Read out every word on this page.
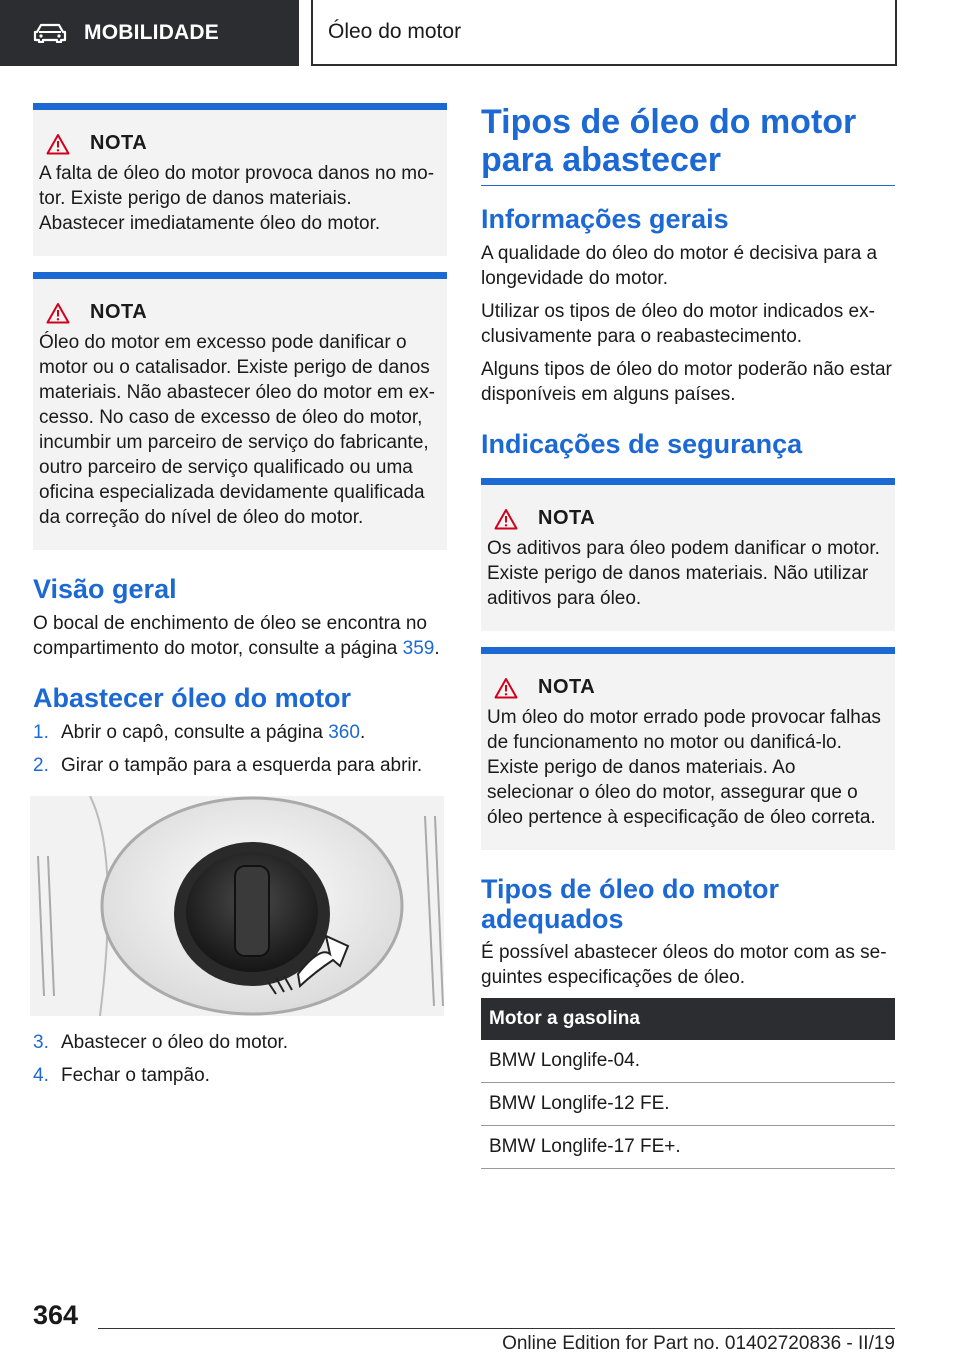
MOBILIDADE	Óleo do motor
NOTA
A falta de óleo do motor provoca danos no mo-tor. Existe perigo de danos materiais. Abastecer imediatamente óleo do motor.
NOTA
Óleo do motor em excesso pode danificar o motor ou o catalisador. Existe perigo de danos materiais. Não abastecer óleo do motor em ex-cesso. No caso de excesso de óleo do motor, incumbir um parceiro de serviço do fabricante, outro parceiro de serviço qualificado ou uma oficina especializada devidamente qualificada da correção do nível de óleo do motor.
Visão geral

O bocal de enchimento de óleo se encontra no compartimento do motor, consulte a página 359.

Abastecer óleo do motor
1. Abrir o capô, consulte a página 360.
2. Girar o tampão para a esquerda para abrir.
3. Abastecer o óleo do motor.
4. Fechar o tampão.
Tipos de óleo do motor para abastecer
Informações gerais

A qualidade do óleo do motor é decisiva para a longevidade do motor.

Utilizar os tipos de óleo do motor indicados ex-clusivamente para o reabastecimento.

Alguns tipos de óleo do motor poderão não estar disponíveis em alguns países.

Indicações de segurança
NOTA
Os aditivos para óleo podem danificar o motor. Existe perigo de danos materiais. Não utilizar aditivos para óleo.
NOTA
Um óleo do motor errado pode provocar falhas de funcionamento no motor ou danificá-lo. Existe perigo de danos materiais. Ao selecionar o óleo do motor, assegurar que o óleo pertence à especificação de óleo correta.
Tipos de óleo do motor adequados

É possível abastecer óleos do motor com as se-guintes especificações de óleo.

Motor a gasolina
BMW Longlife-04.
BMW Longlife-12 FE.
BMW Longlife-17 FE+.
364
Online Edition for Part no. 01402720836 - II/19
